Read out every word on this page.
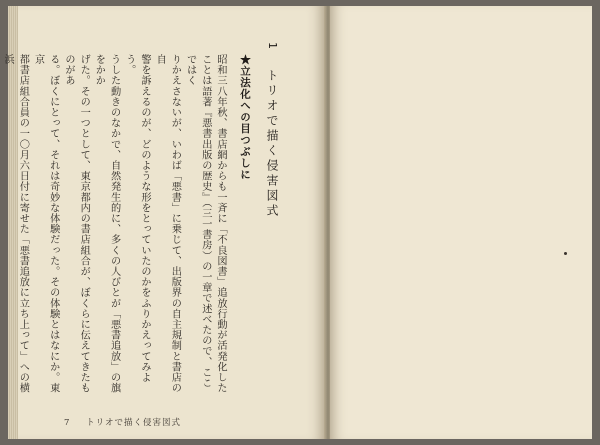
1 トリオで描く侵害図式
★立法化への目つぶしに
昭和三八年秋、書店網からも一斉に「不良図書」追放行動が活発化した
ことは語著『悪書出版の歴史』（三一書房）の一章で述べたので、ここではく
りかえさないが、いわば「悪書」に乗じて、出版界の自主規制と書店の自
警を訴えるのが、どのような形をとっていたのかをふりかえってみよう。
うした動きのなかで、自然発生的に、多くの人びとが「悪書追放」の旗をかか
げた。その一つとして、東京都内の書店組合が、ぼくらに伝えてきたものがあ
る。ぼくにとって、それは奇妙な体験だった。その体験とはなにか。東京
都書店組合員の一〇月六日付に寄せた「悪書追放に立ち上って」への横浜
7 トリオで描く侵害図式
